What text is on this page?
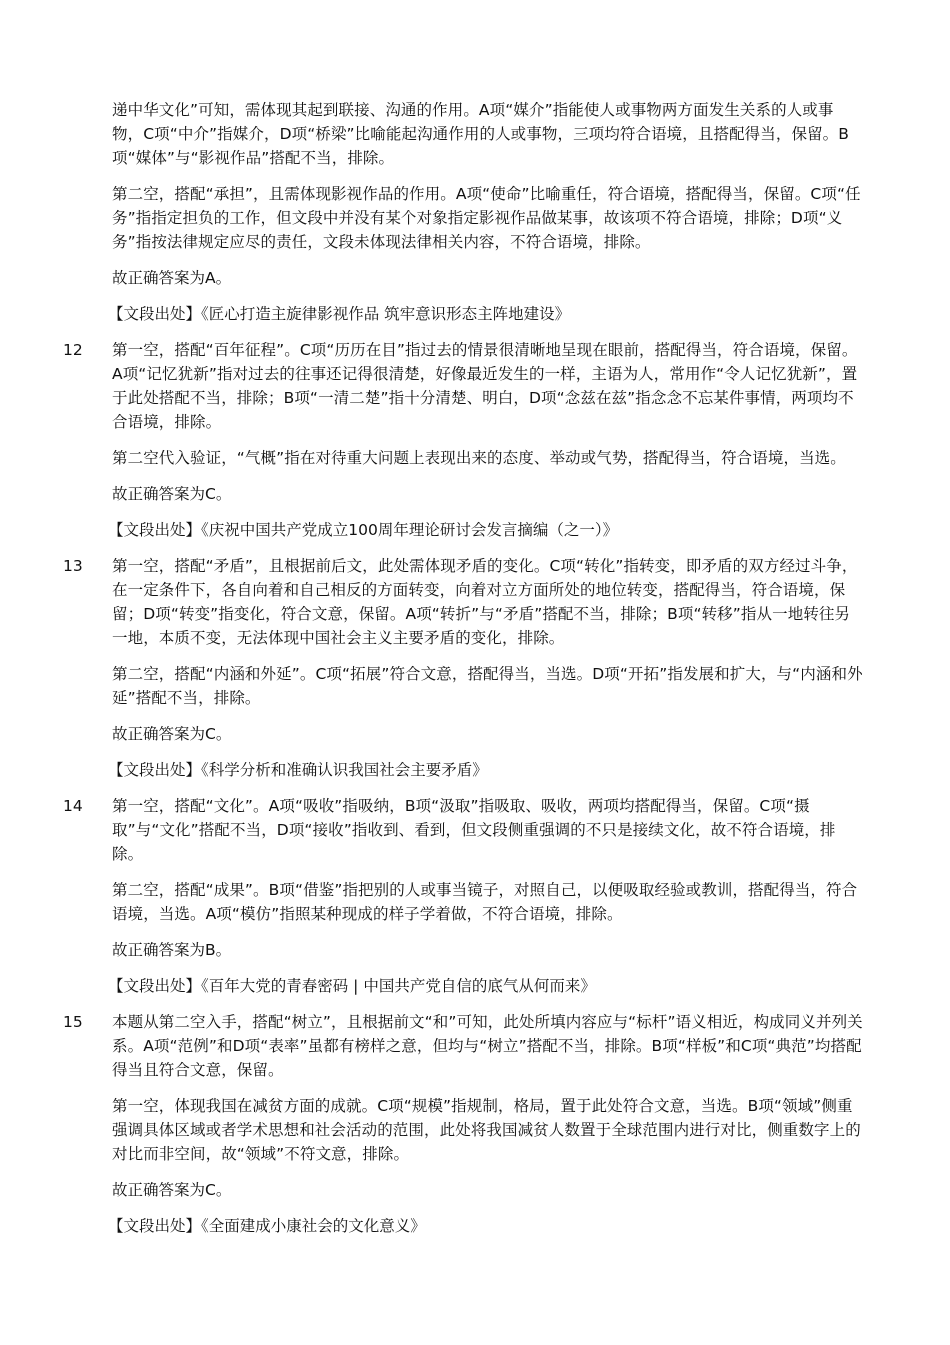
递中华文化”可知，需体现其起到联接、沟通的作用。A项“媒介”指能使人或事物两方面发生关系的人或事物，C项“中介”指媒介，D项“桥梁”比喻能起沟通作用的人或事物，三项均符合语境，且搭配得当，保留。B项“媒体”与“影视作品”搭配不当，排除。

第二空，搭配“承担”，且需体现影视作品的作用。A项“使命”比喻重任，符合语境，搭配得当，保留。C项“任务”指指定担负的工作，但文段中并没有某个对象指定影视作品做某事，故该项不符合语境，排除；D项“义务”指按法律规定应尽的责任，文段未体现法律相关内容，不符合语境，排除。

故正确答案为A。

【文段出处】《匠心打造主旋律影视作品 筑牢意识形态主阵地建设》

12 第一空，搭配“百年征程”。C项“历历在目”指过去的情景很清晰地呈现在眼前，搭配得当，符合语境，保留。A项“记忆犹新”指对过去的往事还记得很清楚，好像最近发生的一样，主语为人，常用作“令人记忆犹新”，置于此处搭配不当，排除；B项“一清二楚”指十分清楚、明白，D项“念兹在兹”指念念不忘某件事情，两项均不合语境，排除。

第二空代入验证，“气概”指在对待重大问题上表现出来的态度、举动或气势，搭配得当，符合语境，当选。

故正确答案为C。

【文段出处】《庆祝中国共产党成立100周年理论研讨会发言摘编（之一）》

13 第一空，搭配“矛盾”，且根据前后文，此处需体现矛盾的变化。C项“转化”指转变，即矛盾的双方经过斗争，在一定条件下，各自向着和自己相反的方面转变，向着对立方面所处的地位转变，搭配得当，符合语境，保留；D项“转变”指变化，符合文意，保留。A项“转折”与“矛盾”搭配不当，排除；B项“转移”指从一地转往另一地，本质不变，无法体现中国社会主义主要矛盾的变化，排除。

第二空，搭配“内涵和外延”。C项“拓展”符合文意，搭配得当，当选。D项“开拓”指发展和扩大，与“内涵和外延”搭配不当，排除。

故正确答案为C。

【文段出处】《科学分析和准确认识我国社会主要矛盾》

14 第一空，搭配“文化”。A项“吸收”指吸纳，B项“汲取”指吸取、吸收，两项均搭配得当，保留。C项“摄取”与“文化”搭配不当，D项“接收”指收到、看到，但文段侧重强调的不只是接续文化，故不符合语境，排除。

第二空，搭配“成果”。B项“借鉴”指把别的人或事当镜子，对照自己，以便吸取经验或教训，搭配得当，符合语境，当选。A项“模仿”指照某种现成的样子学着做，不符合语境，排除。

故正确答案为B。

【文段出处】《百年大党的青春密码 | 中国共产党自信的底气从何而来》

15 本题从第二空入手，搭配“树立”，且根据前文“和”可知，此处所填内容应与“标杆”语义相近，构成同义并列关系。A项“范例”和D项“表率”虽都有榜样之意，但均与“树立”搭配不当，排除。B项“样板”和C项“典范”均搭配得当且符合文意，保留。

第一空，体现我国在减贫方面的成就。C项“规模”指规制，格局，置于此处符合文意，当选。B项“领域”侧重强调具体区域或者学术思想和社会活动的范围，此处将我国减贫人数置于全球范围内进行对比，侧重数字上的对比而非空间，故“领域”不符文意，排除。

故正确答案为C。

【文段出处】《全面建成小康社会的文化意义》
